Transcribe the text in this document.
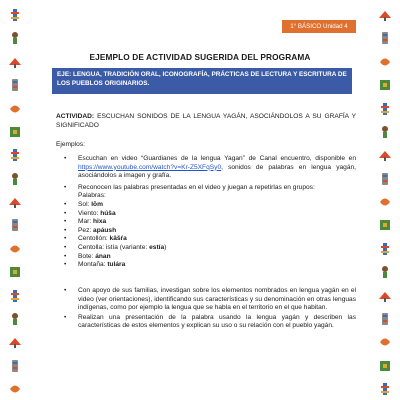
1° BÁSICO Unidad 4
EJEMPLO DE ACTIVIDAD SUGERIDA DEL PROGRAMA
EJE: LENGUA, TRADICIÓN ORAL, ICONOGRAFÍA, PRÁCTICAS DE LECTURA Y ESCRITURA DE LOS PUEBLOS ORIGINARIOS.
ACTIVIDAD: ESCUCHAN SONIDOS DE LA LENGUA YAGÁN, ASOCIÁNDOLOS A SU GRAFÍA Y SIGNIFICADO
Ejemplos:
• Escuchan en video “Guardianes de la lengua Yagan” de Canal encuentro, disponible en https://www.youtube.com/watch?v=Kr-Z5XFqSy0, sonidos de palabras en lengua yagán, asociándolos a imagen y grafía.
• Reconocen las palabras presentadas en el video y juegan a repetirlas en grupos:
Palabras:
• Sol: lōm
• Viento: húša
• Mar: hixa
• Pez: apáush
• Centollón: kâšŕa
• Centolla: istía (variante: estía)
• Bote: ánan
• Montaña: tulára
• Con apoyo de sus familias, investigan sobre los elementos nombrados en lengua yagán en el video (ver orientaciones), identificando sus características y su denominación en otras lenguas indígenas, como por ejemplo la lengua que se habla en el territorio en el que habitan.
• Realizan una presentación de la palabra usando la lengua yagán y describen las características de estos elementos y explican su uso o su relación con el pueblo yagán.
